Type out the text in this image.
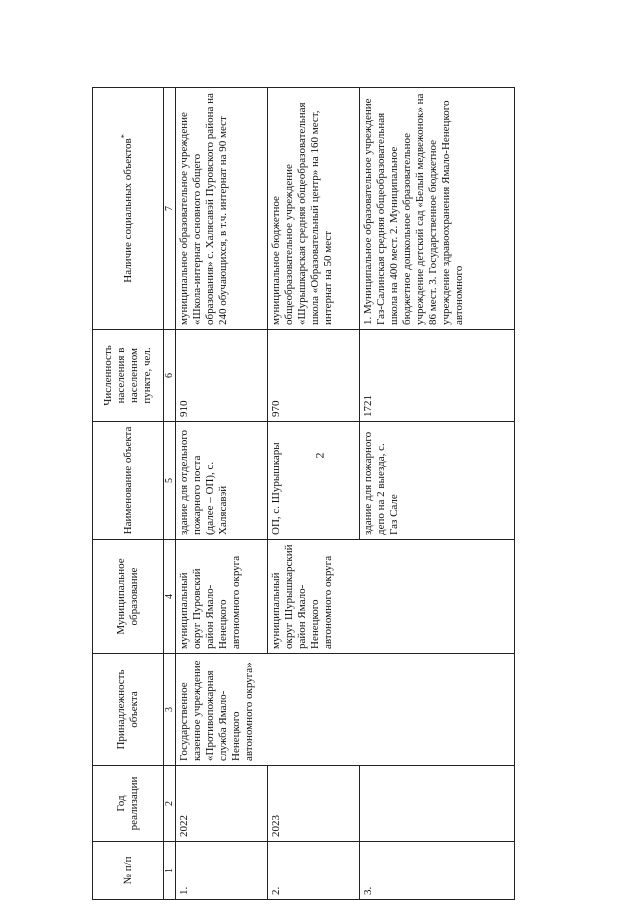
2
№ п/п	Год реализации	Принадлежность объекта	Муниципальное образование	Наименование объекта	Численность населения в населенном пункте, чел.	Наличие социальных объектов*
1	2	3	4	5	6	7
1.	2022	Государственное казенное учреждение «Противопожарная служба Ямало-Ненецкого автономного округа»	муниципальный округ Пуровский район Ямало-Ненецкого автономного округа	здание для отдельного пожарного поста (далее – ОП), с. Халясавэй	910	муниципальное образовательное учреждение «Школа-интернат основного общего образования» с. Халясавэй Пуровского района на 240 обучающихся, в т.ч. интернат на 90 мест
2.	2023		муниципальный округ Шурышкарский район Ямало-Ненецкого автономного округа	ОП, с. Шурышкары	970	муниципальное бюджетное общеобразовательное учреждение «Шурышкарская средняя общеобразовательная школа «Образовательный центр» на 160 мест, интернат на 50 мест
3.				здание для пожарного депо на 2 выезда, с. Газ Сале	1721	1. Муниципальное образовательное учреждение Газ-Салинская средняя общеобразовательная школа на 400 мест. 2. Муниципальное бюджетное дошкольное образовательное учреждение детский сад «Белый медвежонок» на 86 мест. 3. Государственное бюджетное учреждение здравоохранения Ямало-Ненецкого автономного
